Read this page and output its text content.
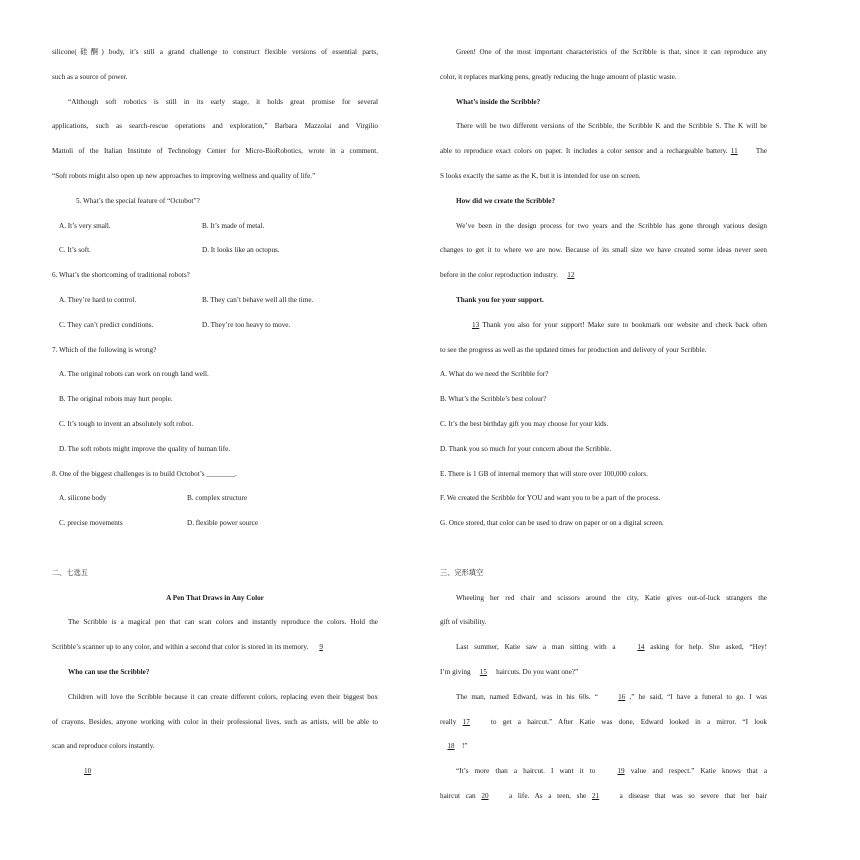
silicone(硅酮) body, it’s still a grand challenge to construct flexible versions of essential parts,
such as a source of power.
“Although soft robotics is still in its early stage, it holds great promise for several
applications, such as search-rescue operations and exploration,” Barbara Mazzolai and Virgilio
Mattoli of the Italian Institute of Technology Center for Micro-BioRobotics, wrote in a comment.
“Soft robots might also open up new approaches to improving wellness and quality of life.”
5. What’s the special feature of “Octobot”?
A. It’s very small.	B. It’s made of metal.
C. It’s soft.	D. It looks like an octopus.
6. What’s the shortcoming of traditional robots?
A. They’re hard to control.	B. They can’t behave well all the time.
C. They can’t predict conditions.	D. They’re too heavy to move.
7. Which of the following is wrong?
A. The original robots can work on rough land well.
B. The original robots may hurt people.
C. It’s tough to invent an absolutely soft robot.
D. The soft robots might improve the quality of human life.
8. One of the biggest challenges is to build Octobot’s ________.
A. silicone body	B. complex structure
C. precise movements	D. flexible power source
二、七选五
A Pen That Draws in Any Color
The Scribble is a magical pen that can scan colors and instantly reproduce the colors. Hold the
Scribble’s scanner up to any color, and within a second that color is stored in its memory. 9
Who can use the Scribble?
Children will love the Scribble because it can create different colors, replacing even their biggest box
of crayons. Besides, anyone working with color in their professional lives, such as artists, will be able to
scan and reproduce colors instantly.
10
Green! One of the most important characteristics of the Scribble is that, since it can reproduce any
color, it replaces marking pens, greatly reducing the huge amount of plastic waste.
What’s inside the Scribble?
There will be two different versions of the Scribble, the Scribble K and the Scribble S. The K will be
able to reproduce exact colors on paper. It includes a color sensor and a rechargeable battery. 11	The
S looks exactly the same as the K, but it is intended for use on screen.
How did we create the Scribble?
We’ve been in the design process for two years and the Scribble has gone through various design
changes to get it to where we are now. Because of its small size we have created some ideas never seen
before in the color reproduction industry. 12
Thank you for your support.
13 Thank you also for your support! Make sure to bookmark our website and check back often
to see the progress as well as the updated times for production and delivery of your Scribble.
A. What do we need the Scribble for?
B. What’s the Scribble’s best colour?
C. It’s the best birthday gift you may choose for your kids.
D. Thank you so much for your concern about the Scribble.
E. There is 1 GB of internal memory that will store over 100,000 colors.
F. We created the Scribble for YOU and want you to be a part of the process.
G. Once stored, that color can be used to draw on paper or on a digital screen.
三、完形填空
Wheeling her red chair and scissors around the city, Katie gives out-of-luck strangers the
gift of visibility.
Last summer, Katie saw a man sitting with a	14 asking for help. She asked, “Hey!
I’m giving 15 haircuts. Do you want one?”
The man, named Edward, was in his 60s. “	16 ,” he said, “I have a funeral to go. I was
really 17	to get a haircut.” After Katie was done, Edward looked in a mirror. “I look
18 !”
“It’s more than a haircut. I want it to	19 value and respect.” Katie knows that a
haircut can 20	a life. As a teen, she 21	a disease that was so severe that her hair
